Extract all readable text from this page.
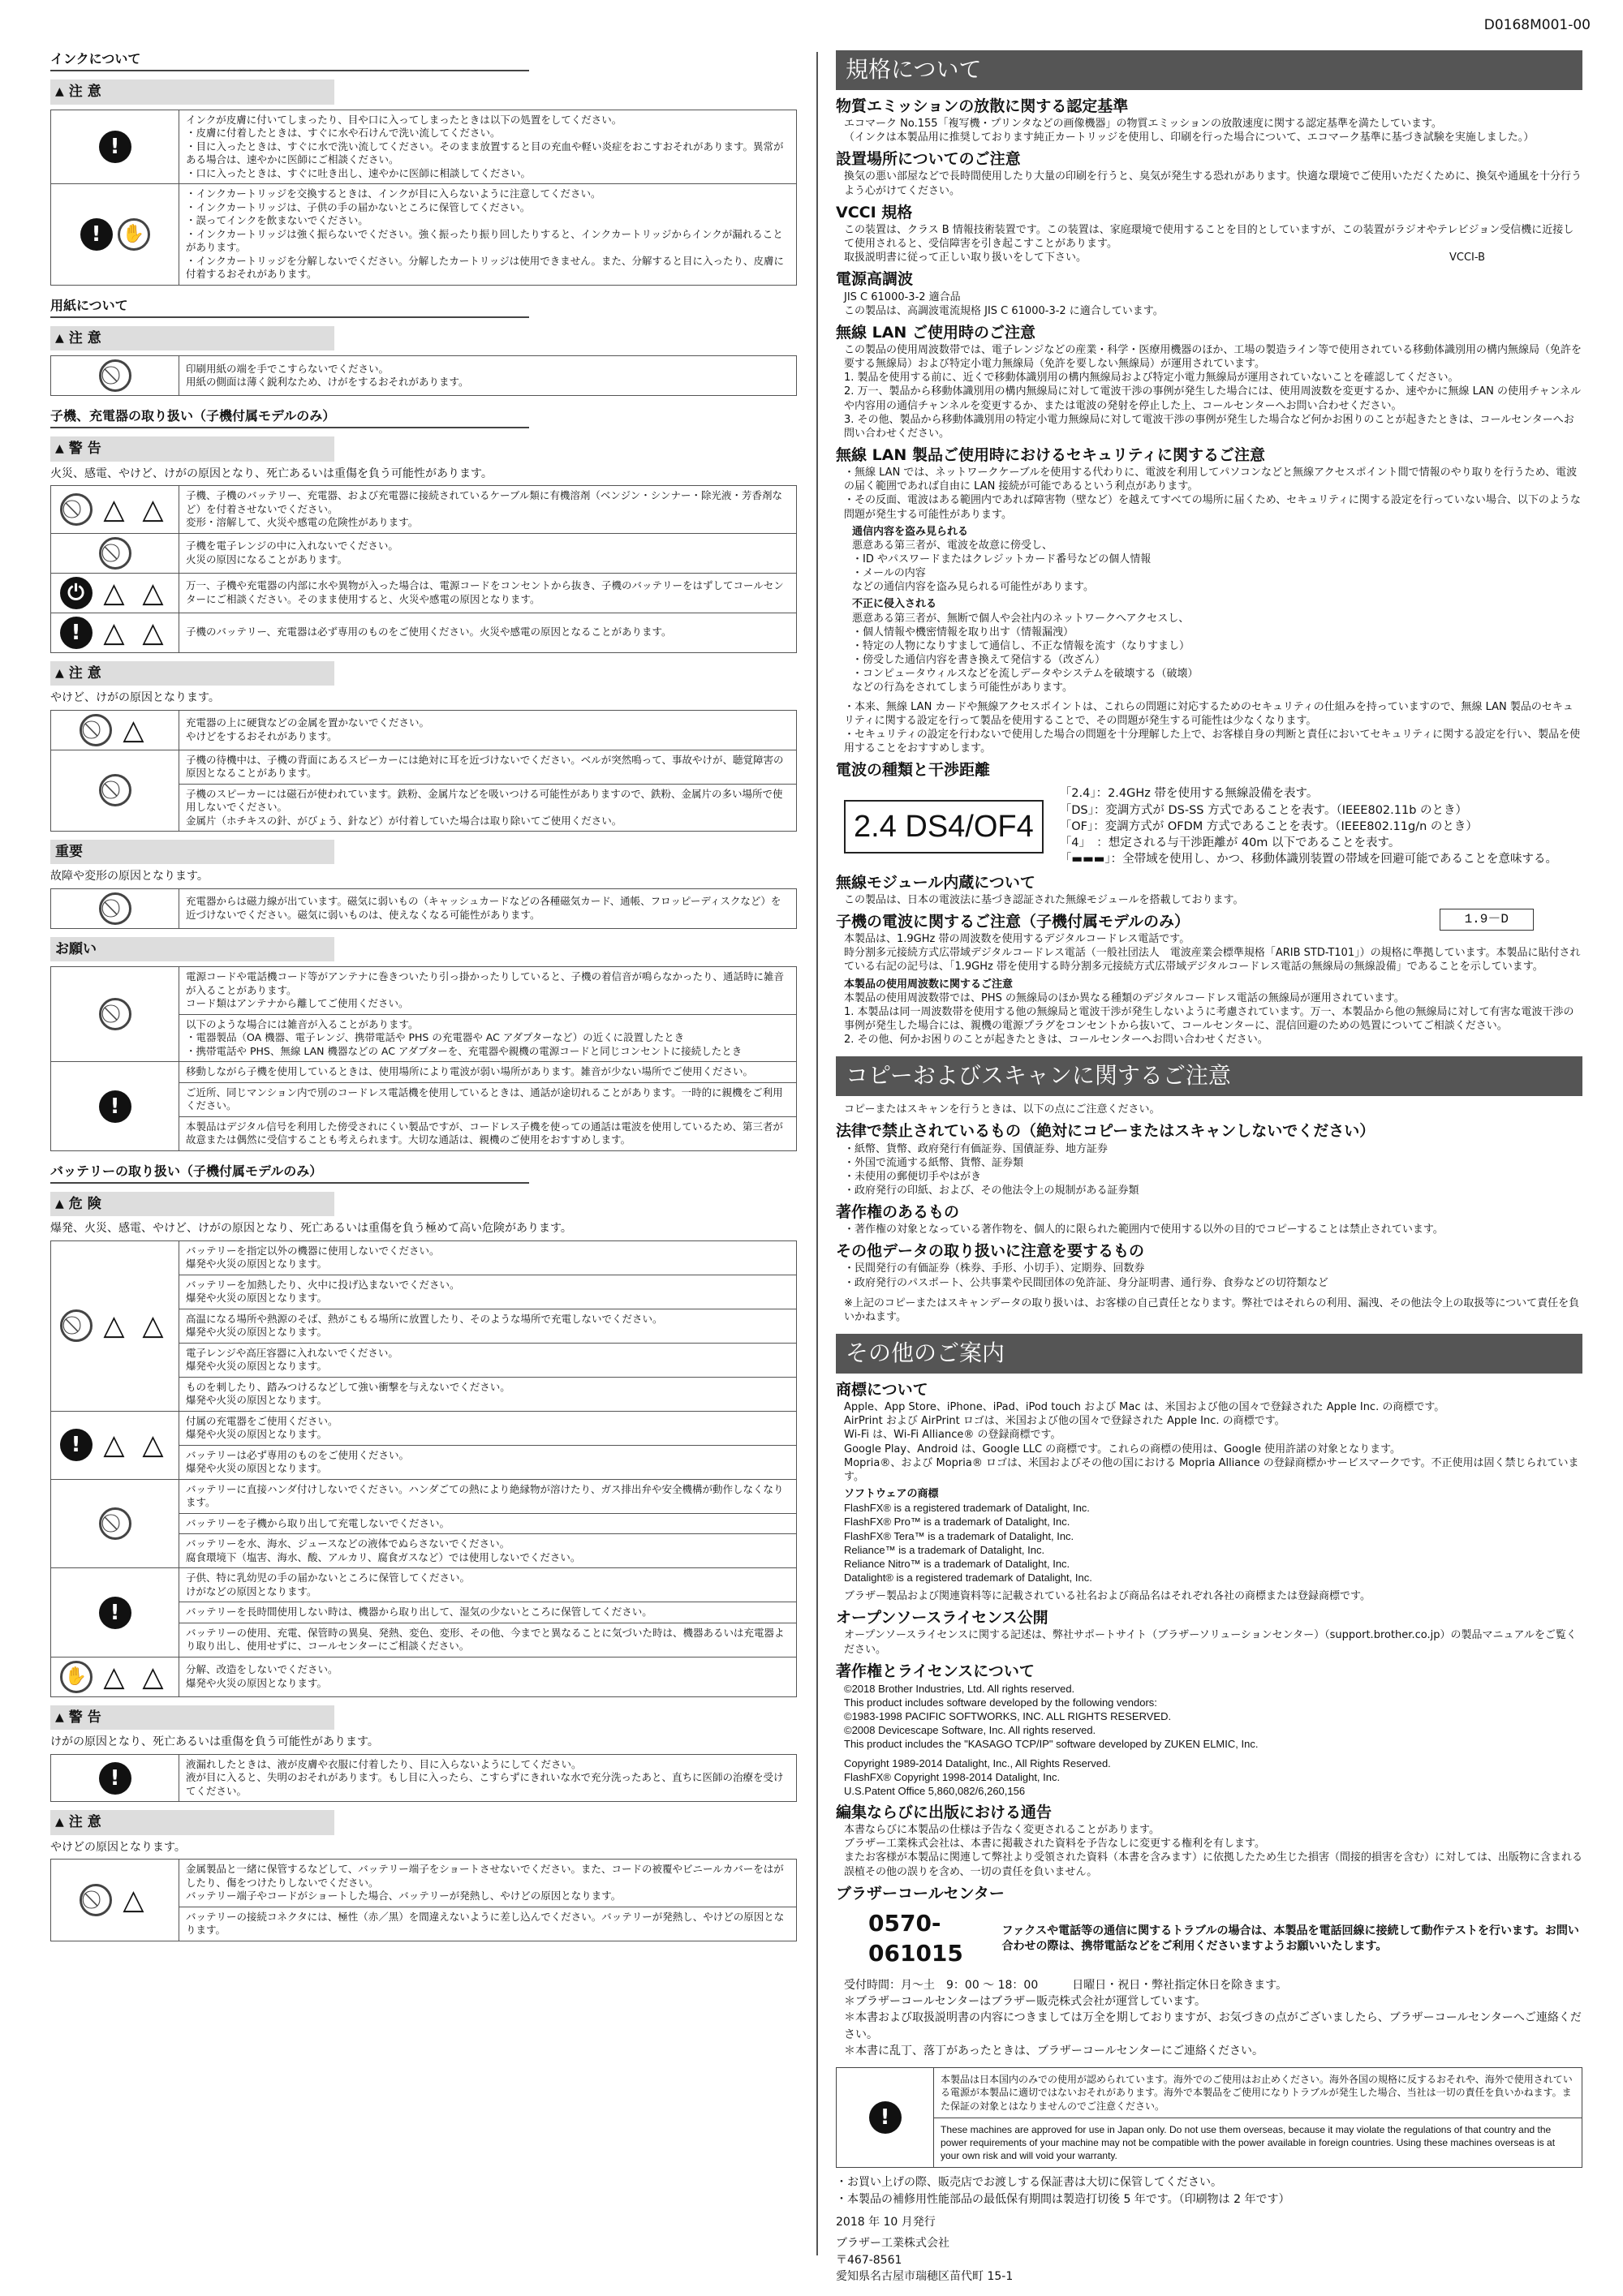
D0168M001-00
インクについて
▲ 注 意
!	インクが皮膚に付いてしまったり、目や口に入ってしまったときは以下の処置をしてください。
・皮膚に付着したときは、すぐに水や石けんで洗い流してください。
・目に入ったときは、すぐに水で洗い流してください。そのまま放置すると目の充血や軽い炎症をおこすおそれがあります。異常がある場合は、速やかに医師にご相談ください。
・口に入ったときは、すぐに吐き出し、速やかに医師に相談してください。
! ✋	・インクカートリッジを交換するときは、インクが目に入らないように注意してください。
・インクカートリッジは、子供の手の届かないところに保管してください。
・誤ってインクを飲まないでください。
・インクカートリッジは強く振らないでください。強く振ったり振り回したりすると、インクカートリッジからインクが漏れることがあります。
・インクカートリッジを分解しないでください。分解したカートリッジは使用できません。また、分解すると目に入ったり、皮膚に付着するおそれがあります。
用紙について
▲ 注 意
	印刷用紙の端を手でこすらないでください。
用紙の側面は薄く鋭利なため、けがをするおそれがあります。
子機、充電器の取り扱い（子機付属モデルのみ）
▲ 警 告
火災、感電、やけど、けがの原因となり、死亡あるいは重傷を負う可能性があります。
△ △	子機、子機のバッテリー、充電器、および充電器に接続されているケーブル類に有機溶剤（ベンジン・シンナー・除光液・芳香剤など）を付着させないでください。
変形・溶解して、火災や感電の危険性があります。
	子機を電子レンジの中に入れないでください。
火災の原因になることがあります。
⏻ △ △	万一、子機や充電器の内部に水や異物が入った場合は、電源コードをコンセントから抜き、子機のバッテリーをはずしてコールセンターにご相談ください。そのまま使用すると、火災や感電の原因となります。
! △ △	子機のバッテリー、充電器は必ず専用のものをご使用ください。火災や感電の原因となることがあります。
▲ 注 意
やけど、けがの原因となります。
△	充電器の上に硬貨などの金属を置かないでください。
やけどをするおそれがあります。
	子機の待機中は、子機の背面にあるスピーカーには絶対に耳を近づけないでください。ベルが突然鳴って、事故やけが、聴覚障害の原因となることがあります。
	子機のスピーカーには磁石が使われています。鉄粉、金属片などを吸いつける可能性がありますので、鉄粉、金属片の多い場所で使用しないでください。
金属片（ホチキスの針、がびょう、針など）が付着していた場合は取り除いてご使用ください。
重要
故障や変形の原因となります。
	充電器からは磁力線が出ています。磁気に弱いもの（キャッシュカードなどの各種磁気カード、通帳、フロッピーディスクなど）を近づけないでください。磁気に弱いものは、使えなくなる可能性があります。
お願い
	電源コードや電話機コード等がアンテナに巻きついたり引っ掛かったりしていると、子機の着信音が鳴らなかったり、通話時に雑音が入ることがあります。
コード類はアンテナから離してご使用ください。
	以下のような場合には雑音が入ることがあります。
・電器製品（OA 機器、電子レンジ、携帯電話や PHS の充電器や AC アダプターなど）の近くに設置したとき
・携帯電話や PHS、無線 LAN 機器などの AC アダプターを、充電器や親機の電源コードと同じコンセントに接続したとき
!	移動しながら子機を使用しているときは、使用場所により電波が弱い場所があります。雑音が少ない場所でご使用ください。
	ご近所、同じマンション内で別のコードレス電話機を使用しているときは、通話が途切れることがあります。一時的に親機をご利用ください。
	本製品はデジタル信号を利用した傍受されにくい製品ですが、コードレス子機を使っての通話は電波を使用しているため、第三者が故意または偶然に受信することも考えられます。大切な通話は、親機のご使用をおすすめします。
バッテリーの取り扱い（子機付属モデルのみ）
▲ 危 険
爆発、火災、感電、やけど、けがの原因となり、死亡あるいは重傷を負う極めて高い危険があります。
△ △	バッテリーを指定以外の機器に使用しないでください。
爆発や火災の原因となります。
	バッテリーを加熱したり、火中に投げ込まないでください。
爆発や火災の原因となります。
	高温になる場所や熱源のそば、熱がこもる場所に放置したり、そのような場所で充電しないでください。
爆発や火災の原因となります。
	電子レンジや高圧容器に入れないでください。
爆発や火災の原因となります。
	ものを刺したり、踏みつけるなどして強い衝撃を与えないでください。
爆発や火災の原因となります。
! △ △	付属の充電器をご使用ください。
爆発や火災の原因となります。
	バッテリーは必ず専用のものをご使用ください。
爆発や火災の原因となります。
	バッテリーに直接ハンダ付けしないでください。ハンダごての熱により絶縁物が溶けたり、ガス排出弁や安全機構が動作しなくなります。
	バッテリーを子機から取り出して充電しないでください。
	バッテリーを水、海水、ジュースなどの液体でぬらさないでください。
腐食環境下（塩害、海水、酸、アルカリ、腐食ガスなど）では使用しないでください。
!	子供、特に乳幼児の手の届かないところに保管してください。
けがなどの原因となります。
	バッテリーを長時間使用しない時は、機器から取り出して、湿気の少ないところに保管してください。
	バッテリーの使用、充電、保管時の異臭、発熱、変色、変形、その他、今までと異なることに気づいた時は、機器あるいは充電器より取り出し、使用せずに、コールセンターにご相談ください。
✋ △ △	分解、改造をしないでください。
爆発や火災の原因となります。
▲ 警 告
けがの原因となり、死亡あるいは重傷を負う可能性があります。
!	液漏れしたときは、液が皮膚や衣服に付着したり、目に入らないようにしてください。
液が目に入ると、失明のおそれがあります。もし目に入ったら、こすらずにきれいな水で充分洗ったあと、直ちに医師の治療を受けてください。
▲ 注 意
やけどの原因となります。
△	金属製品と一緒に保管するなどして、バッテリー端子をショートさせないでください。また、コードの被覆やビニールカバーをはがしたり、傷をつけたりしないでください。
バッテリー端子やコードがショートした場合、バッテリーが発熱し、やけどの原因となります。
バッテリーの接続コネクタには、極性（赤／黒）を間違えないように差し込んでください。バッテリーが発熱し、やけどの原因となります。
規格について
物質エミッションの放散に関する認定基準
エコマーク No.155「複写機・プリンタなどの画像機器」の物質エミッションの放散速度に関する認定基準を満たしています。
（インクは本製品用に推奨しております純正カートリッジを使用し、印刷を行った場合について、エコマーク基準に基づき試験を実施しました。）
設置場所についてのご注意
換気の悪い部屋などで長時間使用したり大量の印刷を行うと、臭気が発生する恐れがあります。快適な環境でご使用いただくために、換気や通風を十分行うよう心がけてください。
VCCI 規格
この装置は、クラス B 情報技術装置です。この装置は、家庭環境で使用することを目的としていますが、この装置がラジオやテレビジョン受信機に近接して使用されると、受信障害を引き起こすことがあります。
取扱説明書に従って正しい取り扱いをして下さい。	VCCI-B
電源高調波
JIS C 61000-3-2 適合品
この製品は、高調波電流規格 JIS C 61000-3-2 に適合しています。
無線 LAN ご使用時のご注意
この製品の使用周波数帯では、電子レンジなどの産業・科学・医療用機器のほか、工場の製造ライン等で使用されている移動体識別用の構内無線局（免許を要する無線局）および特定小電力無線局（免許を要しない無線局）が運用されています。
1. 製品を使用する前に、近くで移動体識別用の構内無線局および特定小電力無線局が運用されていないことを確認してください。
2. 万一、製品から移動体識別用の構内無線局に対して電波干渉の事例が発生した場合には、使用周波数を変更するか、速やかに無線 LAN の使用チャンネルや内容用の通信チャンネルを変更するか、または電波の発射を停止した上、コールセンターへお問い合わせください。
3. その他、製品から移動体識別用の特定小電力無線局に対して電波干渉の事例が発生した場合など何かお困りのことが起きたときは、コールセンターへお問い合わせください。
無線 LAN 製品ご使用時におけるセキュリティに関するご注意
・無線 LAN では、ネットワークケーブルを使用する代わりに、電波を利用してパソコンなどと無線アクセスポイント間で情報のやり取りを行うため、電波の届く範囲であれば自由に LAN 接続が可能であるという利点があります。
・その反面、電波はある範囲内であれば障害物（壁など）を越えてすべての場所に届くため、セキュリティに関する設定を行っていない場合、以下のような問題が発生する可能性があります。
通信内容を盗み見られる
悪意ある第三者が、電波を故意に傍受し、
・ID やパスワードまたはクレジットカード番号などの個人情報
・メールの内容
などの通信内容を盗み見られる可能性があります。
不正に侵入される
悪意ある第三者が、無断で個人や会社内のネットワークへアクセスし、
・個人情報や機密情報を取り出す（情報漏洩）
・特定の人物になりすまして通信し、不正な情報を流す（なりすまし）
・傍受した通信内容を書き換えて発信する（改ざん）
・コンピュータウィルスなどを流しデータやシステムを破壊する（破壊）
などの行為をされてしまう可能性があります。
・本来、無線 LAN カードや無線アクセスポイントは、これらの問題に対応するためのセキュリティの仕組みを持っていますので、無線 LAN 製品のセキュリティに関する設定を行って製品を使用することで、その問題が発生する可能性は少なくなります。
・セキュリティの設定を行わないで使用した場合の問題を十分理解した上で、お客様自身の判断と責任においてセキュリティに関する設定を行い、製品を使用することをおすすめします。
電波の種類と干渉距離
2.4 DS4/OF4
「2.4」：2.4GHz 帯を使用する無線設備を表す。
「DS」：変調方式が DS-SS 方式であることを表す。（IEEE802.11b のとき）
「OF」：変調方式が OFDM 方式であることを表す。（IEEE802.11g/n のとき）
「4」　：想定される与干渉距離が 40m 以下であることを表す。
「▬▬▬」：全帯域を使用し、かつ、移動体識別装置の帯域を回避可能であることを意味する。
無線モジュール内蔵について
この製品は、日本の電波法に基づき認証された無線モジュールを搭載しております。
子機の電波に関するご注意（子機付属モデルのみ）	1.9－D
本製品は、1.9GHz 帯の周波数を使用するデジタルコードレス電話です。
時分割多元接続方式広帯域デジタルコードレス電話（一般社団法人　電波産業会標準規格「ARIB STD-T101」）の規格に準拠しています。本製品に貼付されている右記の記号は、「1.9GHz 帯を使用する時分割多元接続方式広帯域デジタルコードレス電話の無線局の無線設備」であることを示しています。
本製品の使用周波数に関するご注意
本製品の使用周波数帯では、PHS の無線局のほか異なる種類のデジタルコードレス電話の無線局が運用されています。
1. 本製品は同一周波数帯を使用する他の無線局と電波干渉が発生しないように考慮されています。万一、本製品から他の無線局に対して有害な電波干渉の事例が発生した場合には、親機の電源プラグをコンセントから抜いて、コールセンターに、混信回避のための処置についてご相談ください。
2. その他、何かお困りのことが起きたときは、コールセンターへお問い合わせください。
コピーおよびスキャンに関するご注意
コピーまたはスキャンを行うときは、以下の点にご注意ください。
法律で禁止されているもの（絶対にコピーまたはスキャンしないでください）
・紙幣、貨幣、政府発行有価証券、国債証券、地方証券
・外国で流通する紙幣、貨幣、証券類
・未使用の郵便切手やはがき
・政府発行の印紙、および、その他法令上の規制がある証券類
著作権のあるもの
・著作権の対象となっている著作物を、個人的に限られた範囲内で使用する以外の目的でコピーすることは禁止されています。
その他データの取り扱いに注意を要するもの
・民間発行の有価証券（株券、手形、小切手）、定期券、回数券
・政府発行のパスポート、公共事業や民間団体の免許証、身分証明書、通行券、食券などの切符類など
※上記のコピーまたはスキャンデータの取り扱いは、お客様の自己責任となります。弊社ではそれらの利用、漏洩、その他法令上の取扱等について責任を負いかねます。
その他のご案内
商標について
Apple、App Store、iPhone、iPad、iPod touch および Mac は、米国および他の国々で登録された Apple Inc. の商標です。
AirPrint および AirPrint ロゴは、米国および他の国々で登録された Apple Inc. の商標です。
Wi-Fi は、Wi-Fi Alliance® の登録商標です。
Google Play、Android は、Google LLC の商標です。これらの商標の使用は、Google 使用許諾の対象となります。
Mopria®、および Mopria® ロゴは、米国およびその他の国における Mopria Alliance の登録商標かサービスマークです。不正使用は固く禁じられています。
ソフトウェアの商標
FlashFX® is a registered trademark of Datalight, Inc.
FlashFX® Pro™ is a trademark of Datalight, Inc.
FlashFX® Tera™ is a trademark of Datalight, Inc.
Reliance™ is a trademark of Datalight, Inc.
Reliance Nitro™ is a trademark of Datalight, Inc.
Datalight® is a registered trademark of Datalight, Inc.
ブラザー製品および関連資料等に記載されている社名および商品名はそれぞれ各社の商標または登録商標です。
オープンソースライセンス公開
オープンソースライセンスに関する記述は、弊社サポートサイト（ブラザーソリューションセンター）（support.brother.co.jp）の製品マニュアルをご覧ください。
著作権とライセンスについて
©2018 Brother Industries, Ltd. All rights reserved.
This product includes software developed by the following vendors:
©1983-1998 PACIFIC SOFTWORKS, INC. ALL RIGHTS RESERVED.
©2008 Devicescape Software, Inc. All rights reserved.
This product includes the "KASAGO TCP/IP" software developed by ZUKEN ELMIC, Inc.
Copyright 1989-2014 Datalight, Inc., All Rights Reserved.
FlashFX® Copyright 1998-2014 Datalight, Inc.
U.S.Patent Office 5,860,082/6,260,156
編集ならびに出版における通告
本書ならびに本製品の仕様は予告なく変更されることがあります。
ブラザー工業株式会社は、本書に掲載された資料を予告なしに変更する権利を有します。
またお客様が本製品に関連して弊社より受領された資料（本書を含みます）に依拠したため生じた損害（間接的損害を含む）に対しては、出版物に含まれる誤植その他の誤りを含め、一切の責任を負いません。
ブラザーコールセンター
0570-061015
ファクスや電話等の通信に関するトラブルの場合は、本製品を電話回線に接続して動作テストを行います。お問い合わせの際は、携帯電話などをご利用くださいますようお願いいたします。
受付時間：月～土　9：00 ～ 18：00　　　日曜日・祝日・弊社指定休日を除きます。
＊ブラザーコールセンターはブラザー販売株式会社が運営しています。
＊本書および取扱説明書の内容につきましては万全を期しておりますが、お気づきの点がございましたら、ブラザーコールセンターへご連絡ください。
＊本書に乱丁、落丁があったときは、ブラザーコールセンターにご連絡ください。
!
本製品は日本国内のみでの使用が認められています。海外でのご使用はお止めください。海外各国の規格に反するおそれや、海外で使用されている電源が本製品に適切ではないおそれがあります。海外で本製品をご使用になりトラブルが発生した場合、当社は一切の責任を負いかねます。また保証の対象とはなりませんのでご注意ください。
These machines are approved for use in Japan only. Do not use them overseas, because it may violate the regulations of that country and the power requirements of your machine may not be compatible with the power available in foreign countries. Using these machines overseas is at your own risk and will void your warranty.
・お買い上げの際、販売店でお渡しする保証書は大切に保管してください。
・本製品の補修用性能部品の最低保有期間は製造打切後 5 年です。（印刷物は 2 年です）
2018 年 10 月発行
ブラザー工業株式会社
〒467-8561
愛知県名古屋市瑞穂区苗代町 15-1
